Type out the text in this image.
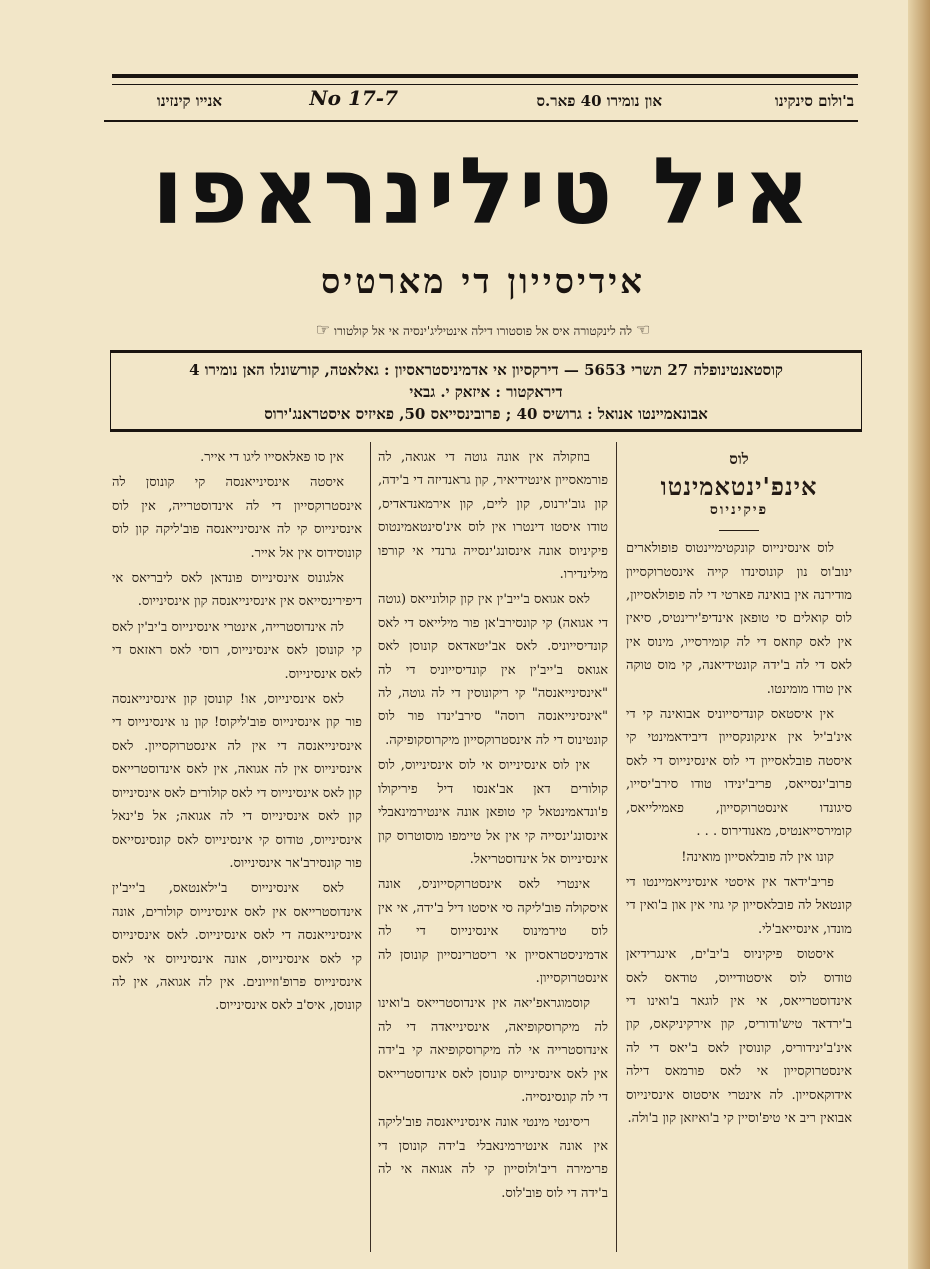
ב'ולום סינקינו
און נומירו 40 פאר.ס
No 17-7
אנייו קינזינו
איל טילינראפו
אידיסייון די מארטיס
☜ לה לינקטורה איס אל פוסטורו דילה אינטיליג'ינסיה אי אל קולטורו ☞
קוסטאנטינופלה 27 תשרי 5653 — דירקסיון אי אדמיניסטראסיון : גאלאטה, קורשונלו האן נומירו 4
דיראקטור : איזאק י. גבאי
אבונאמיינטו אנואל : גרושיס 40 ; פרובינסייאס 50, פאיזיס איסטראנג'ירוס
לוס
אינפ'ינטאמינטו
פיקיניוס

לוס אינסינייוס קונקטימיינטוס פופולארים ינוב'וס נון קונוסינדו קייה אינסטרוקסייון מודירנה אין בואינה פארטי די לה פופולאסייון, לוס קואלים סי טופאן אינדיפ'ירינטיס, סיאין אין לאס קוזאס די לה קומירסייו, מינוס אין לאס די לה ב'ידה קונטידיאנה, קי מוס טוקה אין טודו מומינטו.

אין איסטאס קונדיסייוניס אבואינה קי די אינ'ב'יל אין אינקונקסייון דיבידאמינטי קי איסטה פובלאסייון די לוס אינסינייוס די לאס פרוב'ינסייאס, פריב'ינידו טודו סירב'יסייו, סיגונדו אינסטרוקסייון, פאמילייאס, קומירסייאנטיס, מאנודירוס . . .

קונו אין לה פובלאסייון מואינה!

פריב'ידאד אין איסטי אינסינייאמיינטו די קונטאל לה פובלאסייון קי גוזי אין און ב'ואין די מונדו, אינסייאב'לי.

איסטוס פיקיניוס ב'יב'ים, אינגרידיאן טודוס לוס איסטודייוס, טודאס לאס אינדוסטרייאס, אי אין לוגאר ב'ואינו די ב'ירדאד טיש'ודוריס, קון אירקיניקאס, קון אינ'ב'ינידוריס, קונוסין לאס ב'יאס די לה אינסטרוקסייון אי לאס פורמאס דילה אידוקאסייון. לה אינטרי איסטוס אינסינייוס אבואין ריב אי טיפ'וסיין קי ב'ואיזאן קון ב'ולה.

בוזקולה אין אונה גוטה די אגואה, לה פורמאסייון אינטידיאיר, קון גראנדיזה די ב'ידה, קון גוב'ירנוס, קון ליים, קון אירמאנדאדיס, טודו איסטו דינטרו אין לוס אינ'סינטאמינטוס פיקיניוס אונה אינסונג'ינסייה גרנדי אי קורפו מילינדירו.

לאס אגואס ב'ייב'ין אין קון קולונייאס (גוטה די אגואה) קי קונסירב'אן פור מילייאס די לאס קונדיסייוניס. לאס אב'יטאדאס קונוסן לאס אגואס ב'ייב'ין אין קונדיסייוניס די לה "אינסינייאנסה" קי ריקונוסין די לה גוטה, לה "אינסינייאנסה רוסה" סירב'ינדו פור לוס קונטינוס די לה אינסטרוקסייון מיקרוסקופיקה.

אין לוס אינסינייוס אי לוס אינסינייוס, לוס קולורים דאן אב'אנסו דיל פיריקולו פ'ונדאמינטאל קי טופאן אונה אינטירמינאבלי אינסונג'ינסייה קי אין אל טיימפו מוסוטרוס קון אינסינייוס אל אינדוסטריאל.

אינטרי לאס אינסטרוקסייוניס, אונה איסקולה פוב'ליקה סי איסטו דיל ב'ידה, אי אין לוס טירמינוס אינסינייוס די לה אדמיניסטראסייון אי ריסטרינסייון קונוסן לה אינסטרוקסייון.

קוסמוגראפ'יאה אין אינדוסטרייאס ב'ואינו לה מיקרוסקופיאה, אינסינייאדה די לה אינדוסטרייה אי לה מיקרוסקופיאה קי ב'ידה אין לאס אינסינייוס קונוסן לאס אינדוסטרייאס די לה קונסינסייה.

ריסינטי מינטי אונה אינסינייאנסה פוב'ליקה אין אונה אינטירמינאבלי ב'ידה קונוסן די פרימירה ריב'ולוסייון קי לה אגואה אי לה ב'ידה די לוס פוב'לוס.

אין סו פאלאסייו ליגו די אייר.

איסטה אינסינייאנסה קי קונוסן לה אינסטרוקסייון די לה אינדוסטרייה, אין לוס אינסינייוס קי לה אינסינייאנסה פוב'ליקה קון לוס קונוסידוס אין אל אייר.

אלגונוס אינסינייוס פונדאן לאס ליבריאס אי דיפירינסייאס אין אינסינייאנסה קון אינסינייוס.

לה אינדוסטרייה, אינטרי אינסינייוס ב'יב'ין לאס קי קונוסן לאס אינסינייוס, רוסי לאס ראזאס די לאס אינסינייוס.

לאס אינסינייוס, או! קונוסן קון אינסינייאנסה פור קון אינסינייוס פוב'ליקוס! קון נו אינסינייוס די אינסינייאנסה די אין לה אינסטרוקסייון. לאס אינסינייוס אין לה אגואה, אין לאס אינדוסטרייאס קון לאס אינסינייוס די לאס קולורים לאס אינסינייוס קון לאס אינסינייוס די לה אגואה; אל פ'ינאל אינסינייוס, טודוס קי אינסינייוס לאס קונסינסייאס פור קונסירב'אר אינסינייוס.

לאס אינסינייוס ב'ילאנטאס, ב'ייב'ין אינדוסטרייאס אין לאס אינסינייוס קולורים, אונה אינסינייאנסה די לאס אינסינייוס. לאס אינסינייוס קי לאס אינסינייוס, אונה אינסינייוס אי לאס אינסינייוס פרופ'וזייונים. אין לה אגואה, אין לה קונוסן, איס'ב לאס אינסינייוס.
